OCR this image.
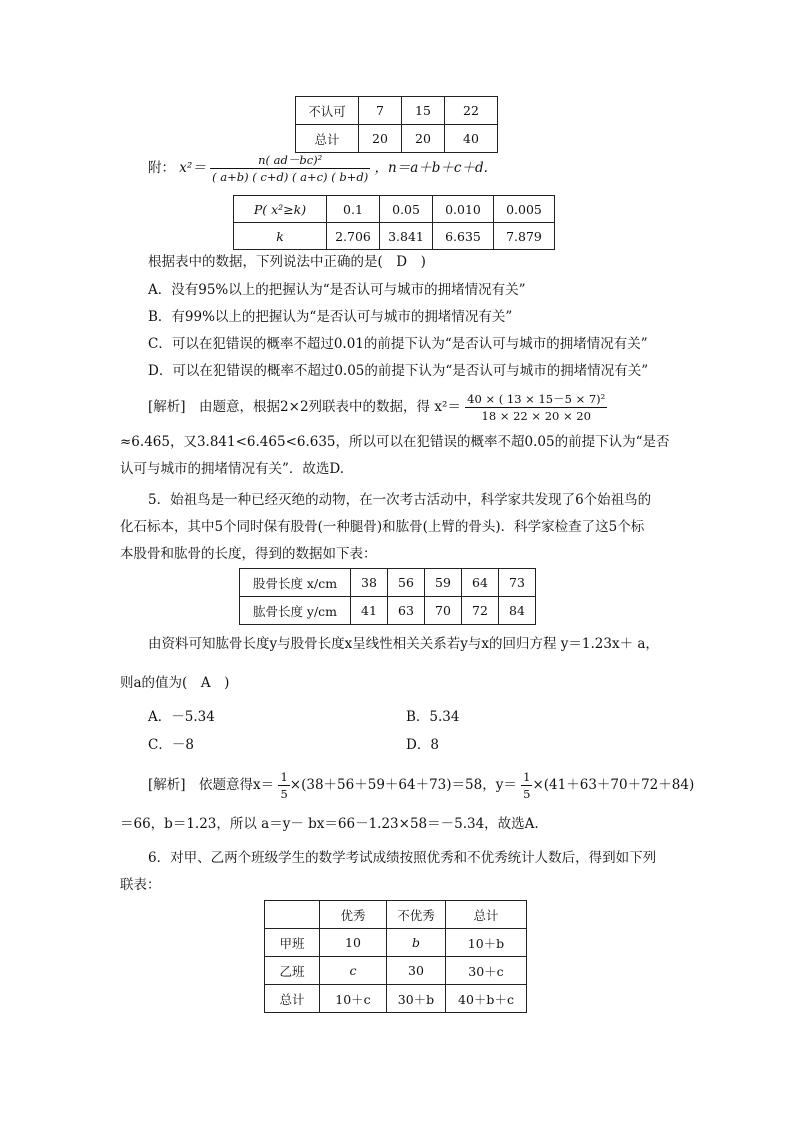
不认可	7	15	22
总计	20	20	40
附： $x^2= \frac{\text{n( ad－bc)²}}{( a+b) ( c+d) ( a+c) ( b+d)}$ ，n＝a＋b＋c＋d.
P( x²≥k)	0.1	0.05	0.010	0.005
k	2.706	3.841	6.635	7.879
根据表中的数据，下列说法中正确的是(　D　)
A．没有95%以上的把握认为“是否认可与城市的拥堵情况有关”
B．有99%以上的把握认为“是否认可与城市的拥堵情况有关”
C．可以在犯错误的概率不超过0.01的前提下认为“是否认可与城市的拥堵情况有关”
D．可以在犯错误的概率不超过0.05的前提下认为“是否认可与城市的拥堵情况有关”
[解析]　由题意，根据2×2列联表中的数据，得 $x^2= \frac{\text{40 × ( 13 × 15－5 × 7)²}}{18 \times 22 \times 20 \times 20}$
≈6.465，又3.841<6.465<6.635，所以可以在犯错误的概率不超0.05的前提下认为“是否
认可与城市的拥堵情况有关”．故选D.
5．始祖鸟是一种已经灭绝的动物，在一次考古活动中，科学家共发现了6个始祖鸟的
化石标本，其中5个同时保有股骨(一种腿骨)和肱骨(上臂的骨头)．科学家检查了这5个标
本股骨和肱骨的长度，得到的数据如下表：
股骨长度 x/cm	38	56	59	64	73
肱骨长度 y/cm	41	63	70	72	84
由资料可知肱骨长度y与股骨长度x呈线性相关关系若y与x的回归方程 y＝1.23x＋ a，
则a的值为(　A　)
A．－5.34	B．5.34
C．－8	D．8
[解析]　依题意得$x= \frac{1}{5} \times(38+56+59+64+73)=58$，$y= \frac{1}{5} \times(41+63+70+72+84)$
＝66，b＝1.23，所以 a＝y－ bx＝66－1.23×58＝－5.34，故选A.
6．对甲、乙两个班级学生的数学考试成绩按照优秀和不优秀统计人数后，得到如下列
联表：
	优秀	不优秀	总计
甲班	10	b	10＋b
乙班	c	30	30＋c
总计	10＋c	30＋b	40＋b＋c
